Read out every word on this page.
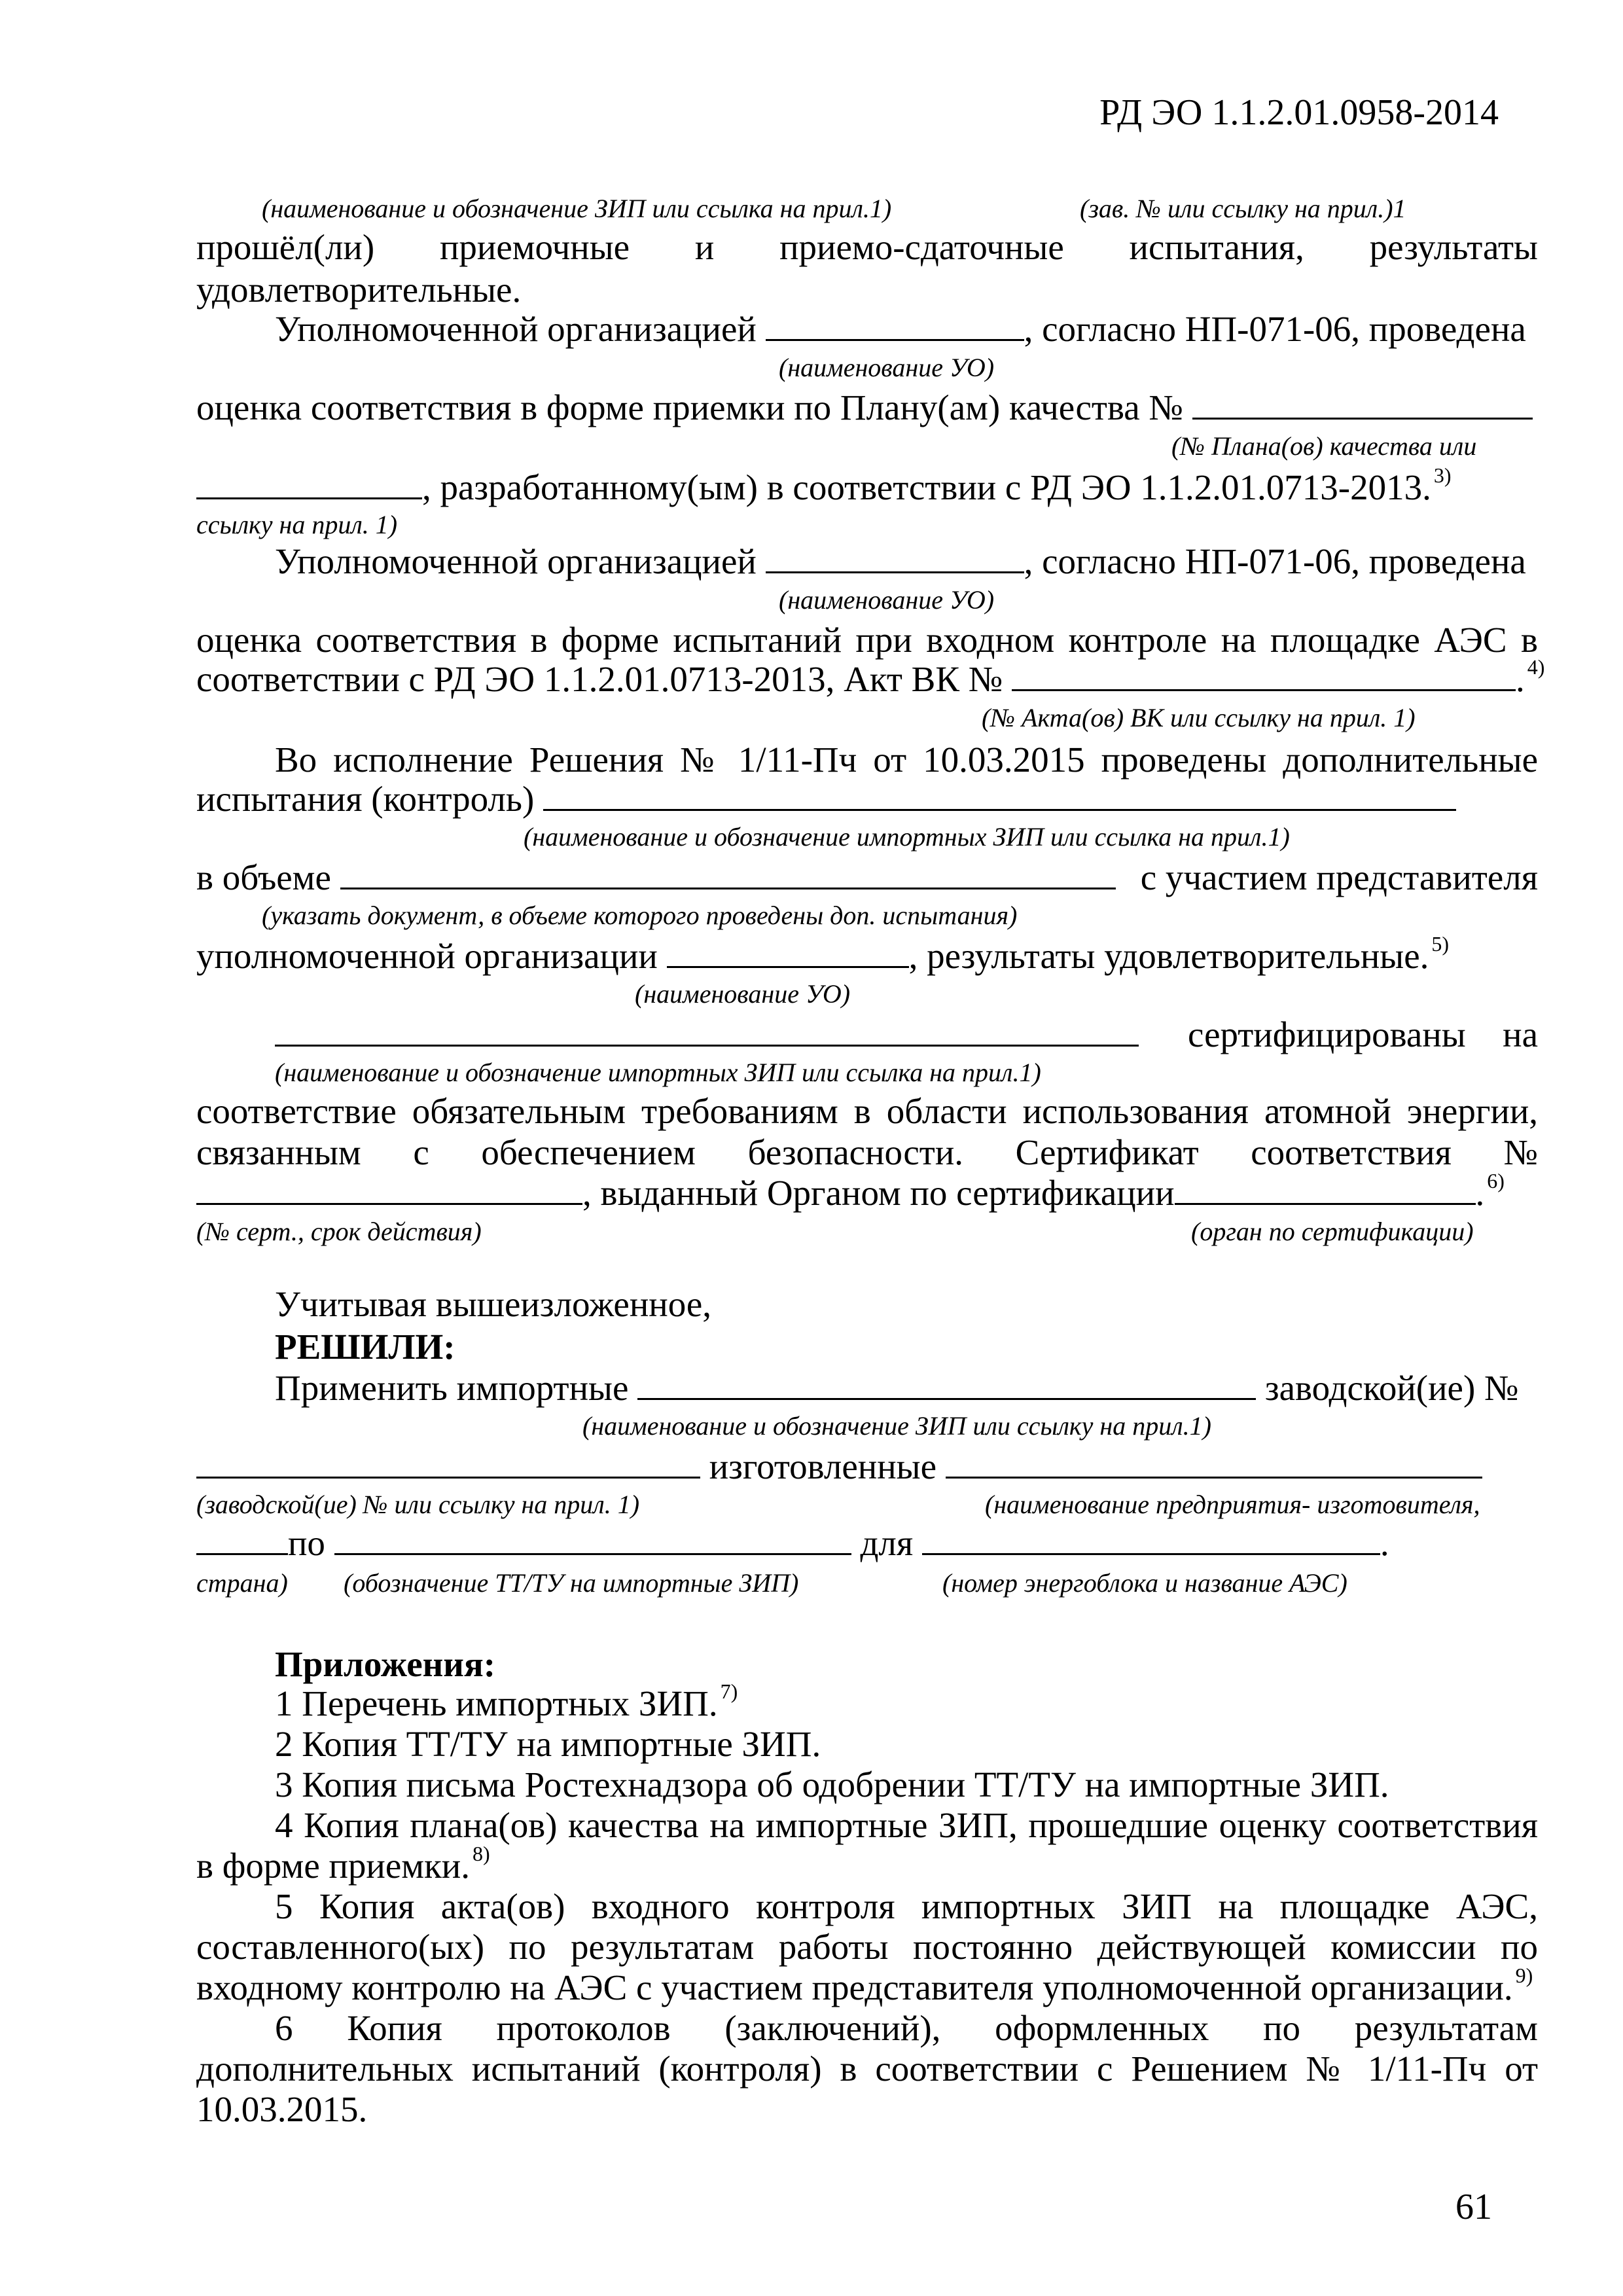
РД ЭО 1.1.2.01.0958-2014
(наименование и обозначение ЗИП или ссылка на прил.1)	(зав. № или ссылку на прил.)1
прошёл(ли) приемочные и приемо-сдаточные испытания, результаты
удовлетворительные.
Уполномоченной организацией	, согласно НП-071-06, проведена
(наименование УО)
оценка соответствия в форме приемки по Плану(ам) качества №
(№ Плана(ов) качества или
, разработанному(ым) в соответствии с РД ЭО 1.1.2.01.0713-2013. $^{3)}$
ссылку на прил. 1)
Уполномоченной организацией	, согласно НП-071-06, проведена
(наименование УО)
оценка соответствия в форме испытаний при входном контроле на площадке АЭС в
соответствии с РД ЭО 1.1.2.01.0713-2013, Акт ВК №	. $^{4)}$
(№ Акта(ов) ВК или ссылку на прил. 1)
Во исполнение Решения № 1/11-Пч от 10.03.2015 проведены дополнительные
испытания (контроль)
(наименование и обозначение импортных ЗИП или ссылка на прил.1)
в объеме	с участием представителя
(указать документ, в объеме которого проведены доп. испытания)
уполномоченной организации	, результаты удовлетворительные. $^{5)}$
(наименование УО)
сертифицированы на
(наименование и обозначение импортных ЗИП или ссылка на прил.1)
соответствие обязательным требованиям в области использования атомной энергии,
связанным с обеспечением безопасности. Сертификат соответствия №
, выданный Органом по сертификации	. $^{6)}$
(№ серт., срок действия)	(орган по сертификации)
Учитывая вышеизложенное,
РЕШИЛИ:
Применить импортные	заводской(ие) №
(наименование и обозначение ЗИП или ссылку на прил.1)
изготовленные
(заводской(ие) № или ссылку на прил. 1)	(наименование предприятия- изготовителя,
по	для	.
страна) (обозначение ТТ/ТУ на импортные ЗИП)	(номер энергоблока и название АЭС)
Приложения:
1 Перечень импортных ЗИП. $^{7)}$
2 Копия ТТ/ТУ на импортные ЗИП.
3 Копия письма Ростехнадзора об одобрении ТТ/ТУ на импортные ЗИП.
4 Копия плана(ов) качества на импортные ЗИП, прошедшие оценку соответствия
в форме приемки. $^{8)}$
5 Копия акта(ов) входного контроля импортных ЗИП на площадке АЭС,
составленного(ых) по результатам работы постоянно действующей комиссии по
входному контролю на АЭС с участием представителя уполномоченной организации. $^{9)}$
6 Копия протоколов (заключений), оформленных по результатам
дополнительных испытаний (контроля) в соответствии с Решением № 1/11-Пч от
10.03.2015.
61
